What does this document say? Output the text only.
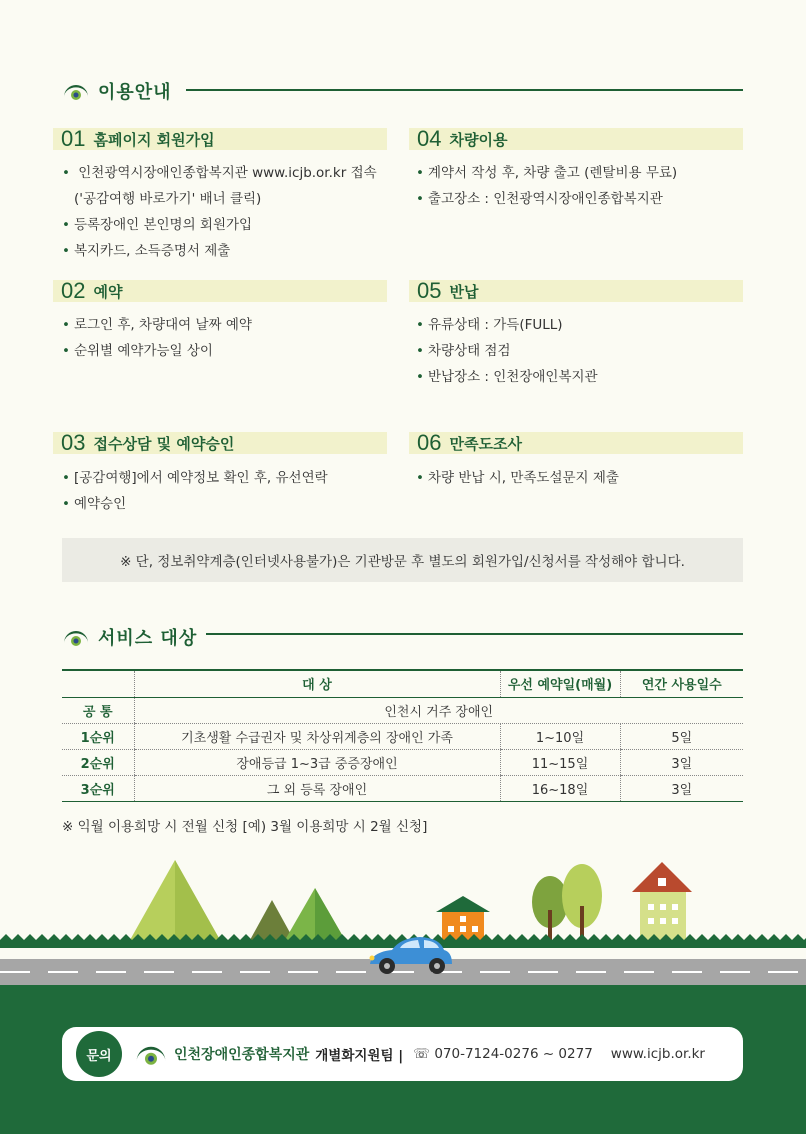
이용안내
01 홈페이지 회원가입
• 인천광역시장애인종합복지관 www.icjb.or.kr 접속
('공감여행 바로가기' 배너 클릭)
• 등록장애인 본인명의 회원가입
• 복지카드, 소득증명서 제출
02 예약
• 로그인 후, 차량대여 날짜 예약
• 순위별 예약가능일 상이
03 접수상담 및 예약승인
• [공감여행]에서 예약정보 확인 후, 유선연락
• 예약승인
04 차량이용
• 계약서 작성 후, 차량 출고 (렌탈비용 무료)
• 출고장소 : 인천광역시장애인종합복지관
05 반납
• 유류상태 : 가득(FULL)
• 차량상태 점검
• 반납장소 : 인천장애인복지관
06 만족도조사
• 차량 반납 시, 만족도설문지 제출
※ 단, 정보취약계층(인터넷사용불가)은 기관방문 후 별도의 회원가입/신청서를 작성해야 합니다.
서비스 대상
	대 상	우선 예약일(매월)	연간 사용일수
공 통	인천시 거주 장애인		
1순위	기초생활 수급권자 및 차상위계층의 장애인 가족	1~10일	5일
2순위	장애등급 1~3급 중증장애인	11~15일	3일
3순위	그 외 등록 장애인	16~18일	3일
※ 익월 이용희망 시 전월 신청 [예) 3월 이용희망 시 2월 신청]
문의	인천장애인종합복지관 개별화지원팀 | ☏ 070-7124-0276 ~ 0277 www.icjb.or.kr
